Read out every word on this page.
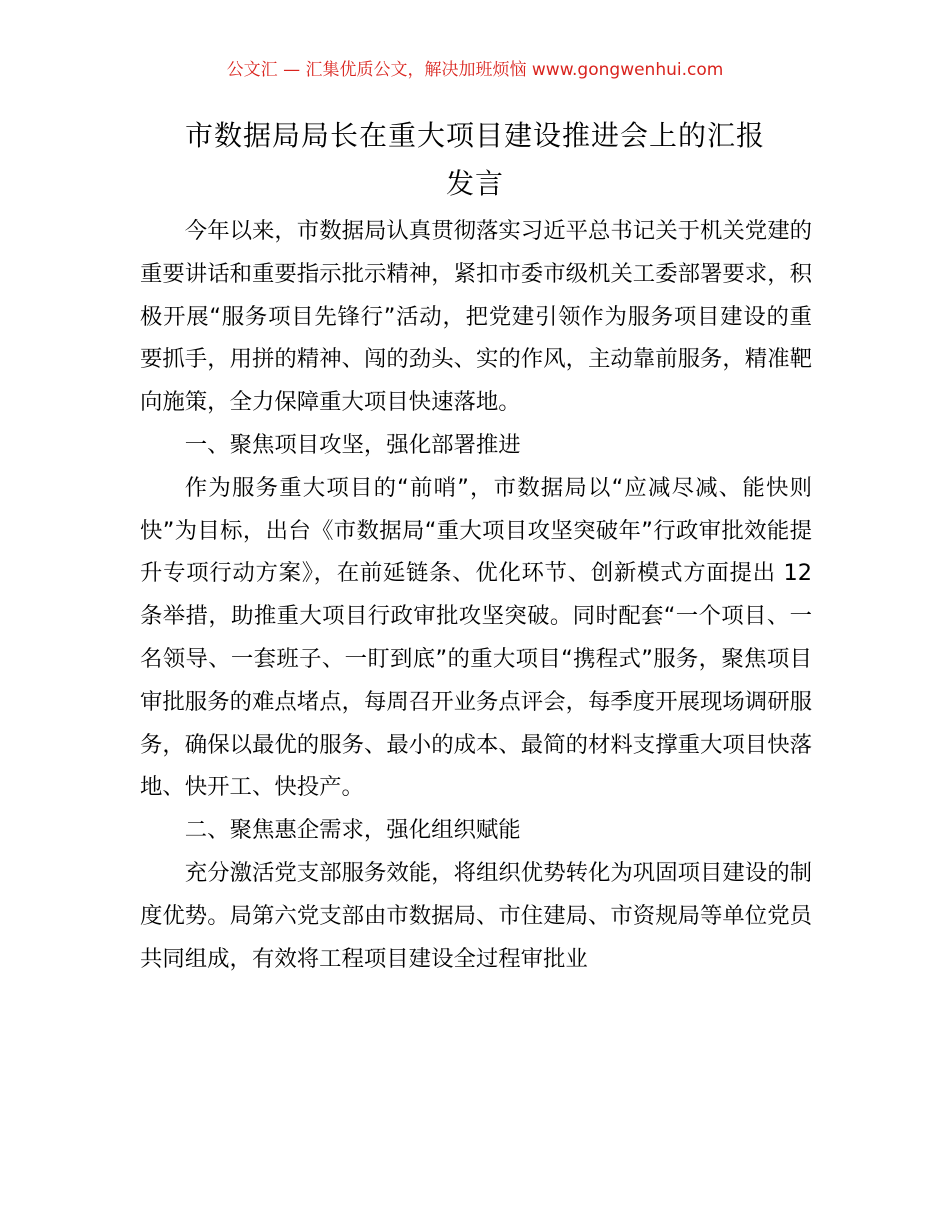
公文汇 — 汇集优质公文，解决加班烦恼 www.gongwenhui.com
市数据局局长在重大项目建设推进会上的汇报
发言

今年以来，市数据局认真贯彻落实习近平总书记关于机关党建的重要讲话和重要指示批示精神，紧扣市委市级机关工委部署要求，积极开展“服务项目先锋行”活动，把党建引领作为服务项目建设的重要抓手，用拼的精神、闯的劲头、实的作风，主动靠前服务，精准靶向施策，全力保障重大项目快速落地。

一、聚焦项目攻坚，强化部署推进

作为服务重大项目的“前哨”，市数据局以“应减尽减、能快则快”为目标，出台《市数据局“重大项目攻坚突破年”行政审批效能提升专项行动方案》，在前延链条、优化环节、创新模式方面提出 12 条举措，助推重大项目行政审批攻坚突破。同时配套“一个项目、一名领导、一套班子、一盯到底”的重大项目“携程式”服务，聚焦项目审批服务的难点堵点，每周召开业务点评会，每季度开展现场调研服务，确保以最优的服务、最小的成本、最简的材料支撑重大项目快落地、快开工、快投产。

二、聚焦惠企需求，强化组织赋能

充分激活党支部服务效能，将组织优势转化为巩固项目建设的制度优势。局第六党支部由市数据局、市住建局、市资规局等单位党员共同组成，有效将工程项目建设全过程审批业
